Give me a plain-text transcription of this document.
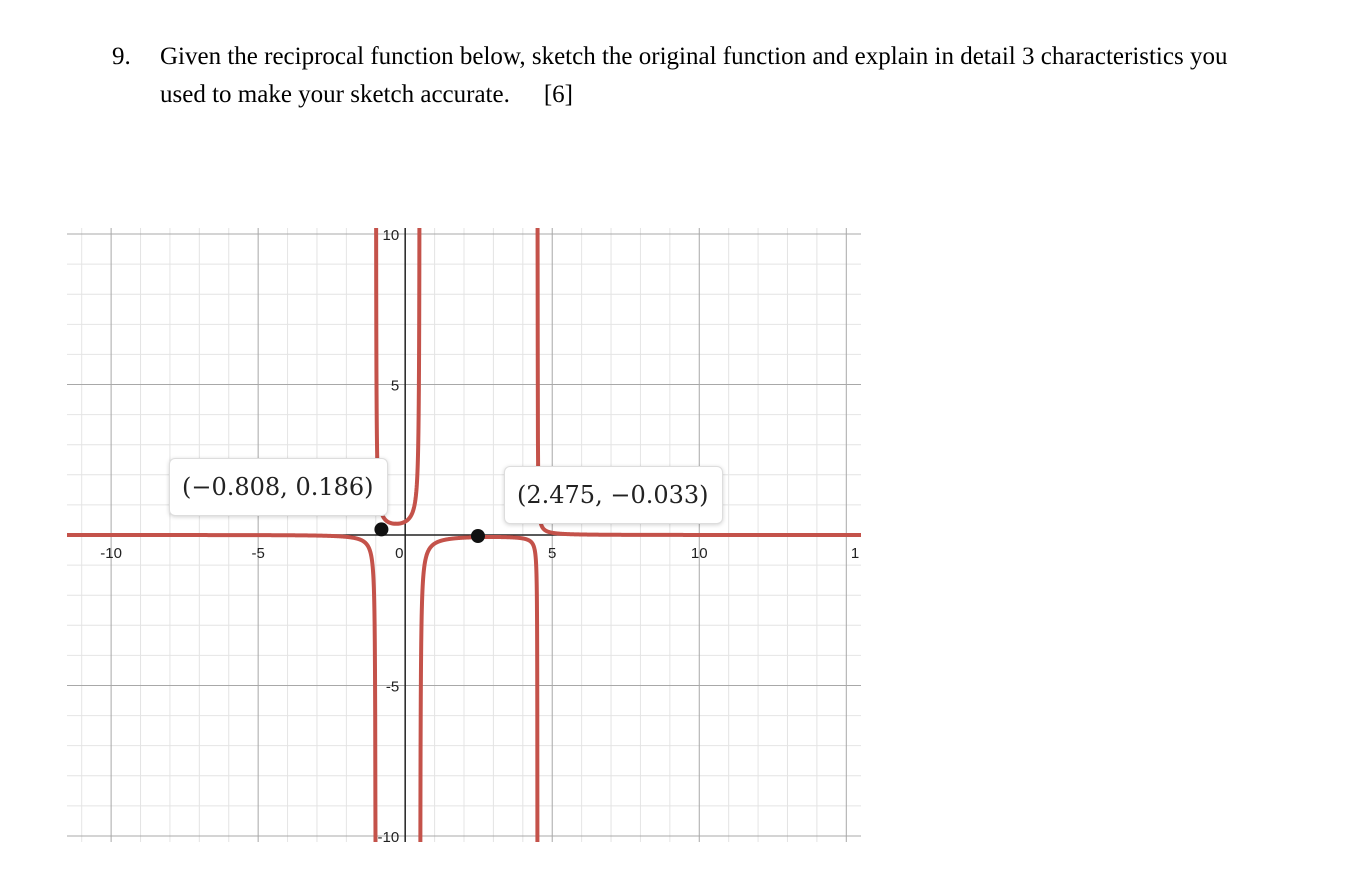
9. Given the reciprocal function below, sketch the original function and explain in detail 3 characteristics you used to make your sketch accurate. [6]
-10	-5	0	5	10	1
10
5
-5
-10
(−0.808, 0.186)	(2.475, −0.033)
